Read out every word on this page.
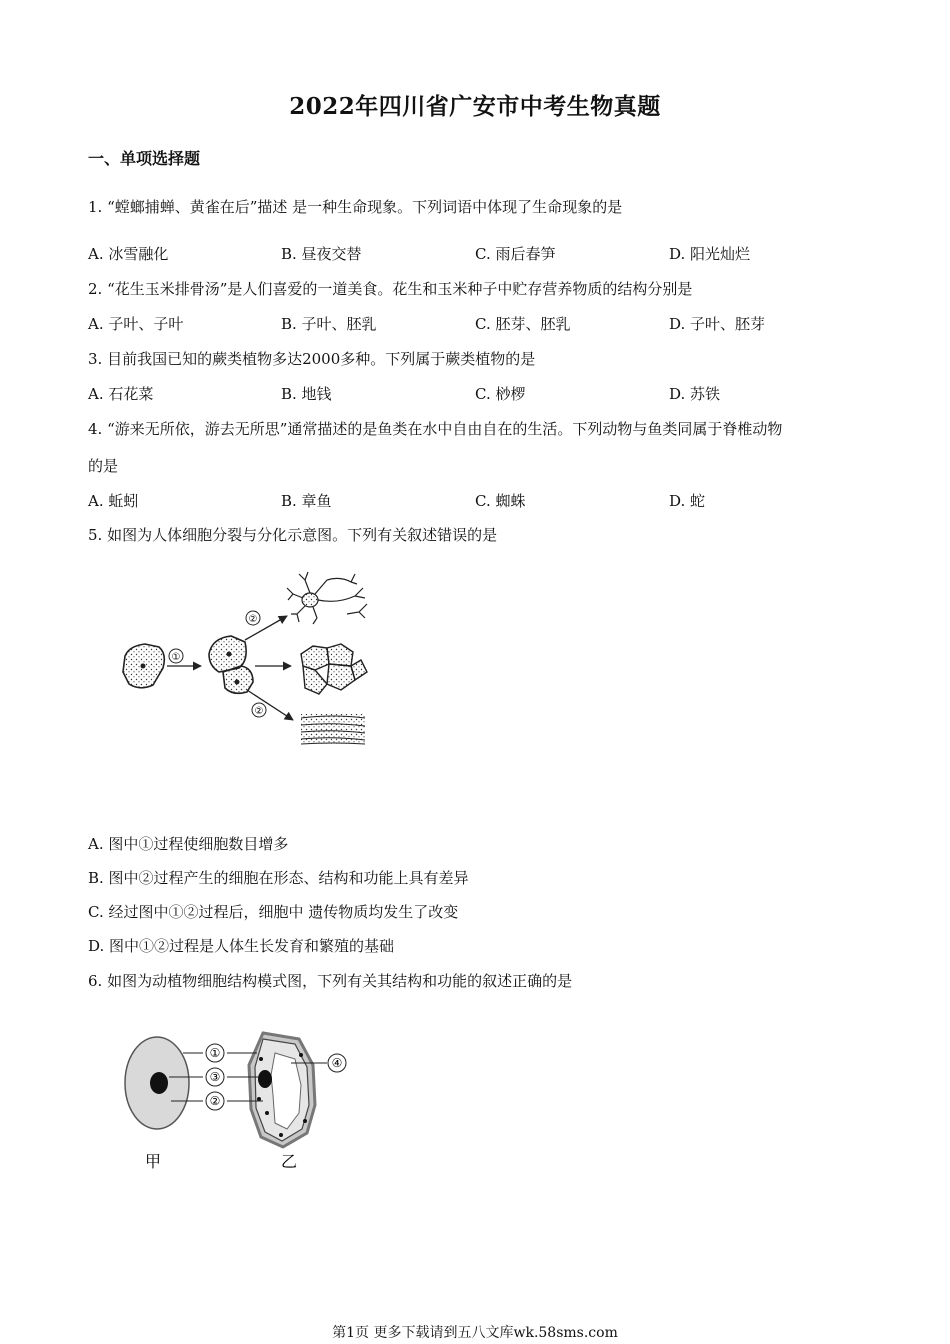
2022年四川省广安市中考生物真题
一、单项选择题
1. “螳螂捕蝉、黄雀在后”描述 是一种生命现象。下列词语中体现了生命现象的是
A. 冰雪融化	B. 昼夜交替	C. 雨后春笋	D. 阳光灿烂
2. “花生玉米排骨汤”是人们喜爱的一道美食。花生和玉米种子中贮存营养物质的结构分别是
A. 子叶、子叶	B. 子叶、胚乳	C. 胚芽、胚乳	D. 子叶、胚芽
3. 目前我国已知的蕨类植物多达2000多种。下列属于蕨类植物的是
A. 石花菜	B. 地钱	C. 桫椤	D. 苏铁
4. “游来无所依，游去无所思”通常描述的是鱼类在水中自由自在的生活。下列动物与鱼类同属于脊椎动物
的是
A. 蚯蚓	B. 章鱼	C. 蜘蛛	D. 蛇
5. 如图为人体细胞分裂与分化示意图。下列有关叙述错误的是
①
②
②
A. 图中①过程使细胞数目增多
B. 图中②过程产生的细胞在形态、结构和功能上具有差异
C. 经过图中①②过程后，细胞中 遗传物质均发生了改变
D. 图中①②过程是人体生长发育和繁殖的基础
6. 如图为动植物细胞结构模式图，下列有关其结构和功能的叙述正确的是
①
③
②
④
甲	乙
第1页 更多下载请到五八文库wk.58sms.com
